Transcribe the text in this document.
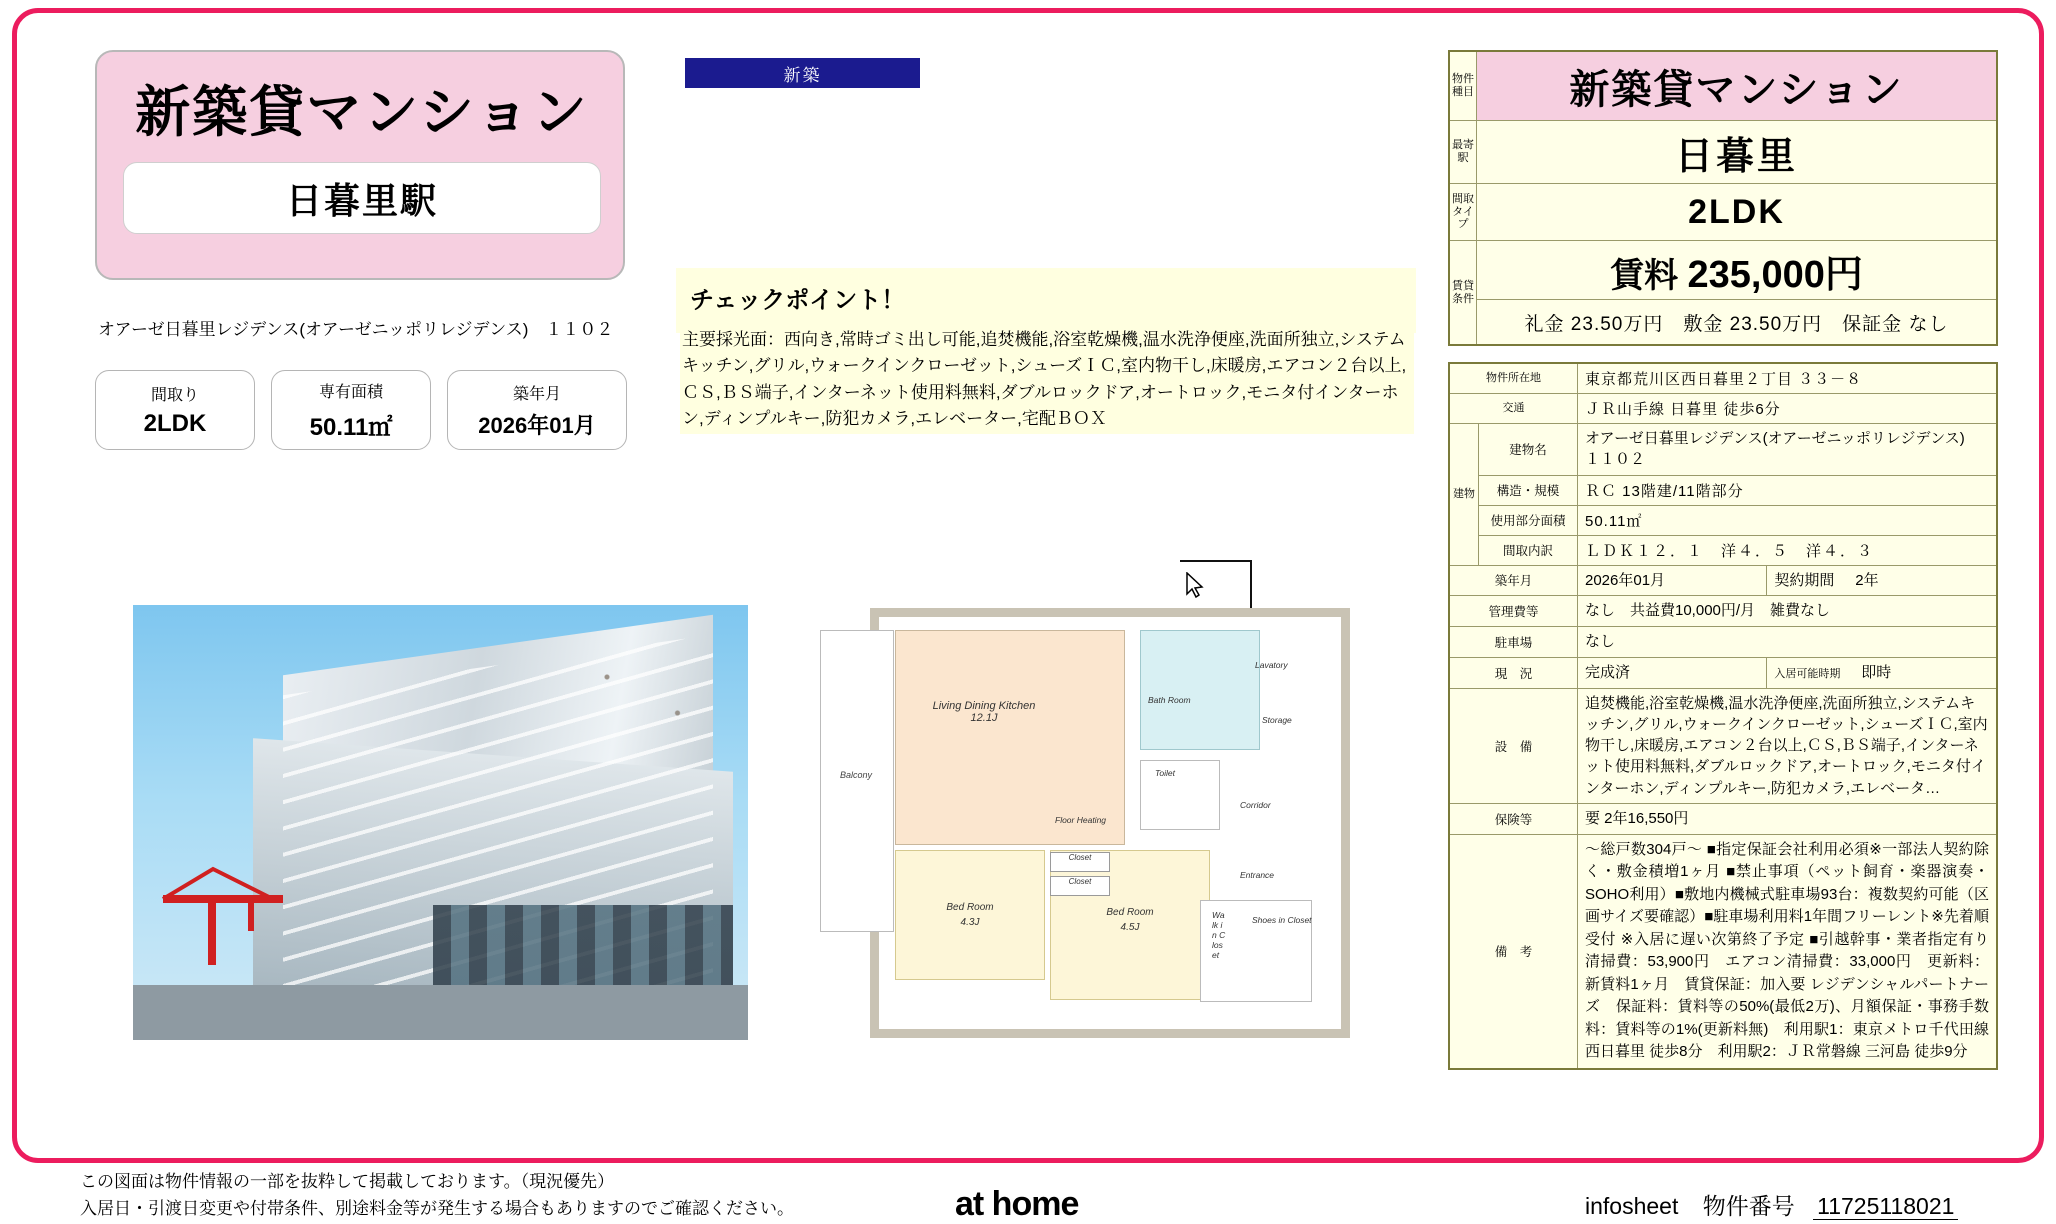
新築貸マンション
日暮里駅
オアーゼ日暮里レジデンス(オアーゼニッポリレジデンス)　１１０２
間取り
2LDK
専有面積
50.11㎡
築年月
2026年01月
新築
チェックポイント！
主要採光面：西向き,常時ゴミ出し可能,追焚機能,浴室乾燥機,温水洗浄便座,洗面所独立,システムキッチン,グリル,ウォークインクローゼット,シューズＩＣ,室内物干し,床暖房,エアコン２台以上,ＣＳ,ＢＳ端子,インターネット使用料無料,ダブルロックドア,オートロック,モニタ付インターホン,ディンプルキー,防犯カメラ,エレベーター,宅配ＢＯＸ
Balcony
Living Dining Kitchen
12.1J
Floor Heating
Bath Room
Lavatory
Toilet
Storage
Corridor
Bed Room
4.3J
Bed Room
4.5J
Closet
Closet
Entrance
Shoes in Closet
Walk in Closet
物件種目	新築貸マンション

最寄駅	日暮里

間取タイプ	2LDK

賃貸条件	賃料 235,000円
	礼金 23.50万円　敷金 23.50万円　保証金 なし
物件所在地		東京都荒川区西日暮里２丁目 ３３－８	
交通		ＪＲ山手線 日暮里 徒歩6分	
建物	建物名	オアーゼ日暮里レジデンス(オアーゼニッポリレジデンス)　１１０２	
	構造・規模	ＲＣ 13階建/11階部分	
	使用部分面積	50.11㎡	
	間取内訳	ＬＤＫ１２．１　洋４．５　洋４．３	
築年月		2026年01月	契約期間 2年
管理費等		なし　共益費10,000円/月　雑費なし	
駐車場		なし	
現　況		完成済	入居可能時期 即時
設　備		追焚機能,浴室乾燥機,温水洗浄便座,洗面所独立,システムキッチン,グリル,ウォークインクローゼット,シューズＩＣ,室内物干し,床暖房,エアコン２台以上,ＣＳ,ＢＳ端子,インターネット使用料無料,ダブルロックドア,オートロック,モニタ付インターホン,ディンプルキー,防犯カメラ,エレベータ…	
保険等		要 2年16,550円	
備　考		～総戸数304戸～ ■指定保証会社利用必須※一部法人契約除く・敷金積増1ヶ月 ■禁止事項（ペット飼育・楽器演奏・SOHO利用）■敷地内機械式駐車場93台：複数契約可能（区画サイズ要確認）■駐車場利用料1年間フリーレント※先着順受付 ※入居に遅い次第終了予定 ■引越幹事・業者指定有り　清掃費：53,900円　エアコン清掃費：33,000円　更新料：新賃料1ヶ月　賃貸保証：加入要 レジデンシャルパートナーズ　保証料：賃料等の50%(最低2万)、月額保証・事務手数料：賃料等の1%(更新料無)　利用駅1：東京メトロ千代田線 西日暮里 徒歩8分　利用駅2：ＪＲ常磐線 三河島 徒歩9分	
この図面は物件情報の一部を抜粋して掲載しております。（現況優先）
入居日・引渡日変更や付帯条件、別途料金等が発生する場合もありますのでご確認ください。	at home	infosheet 物件番号 11725118021
